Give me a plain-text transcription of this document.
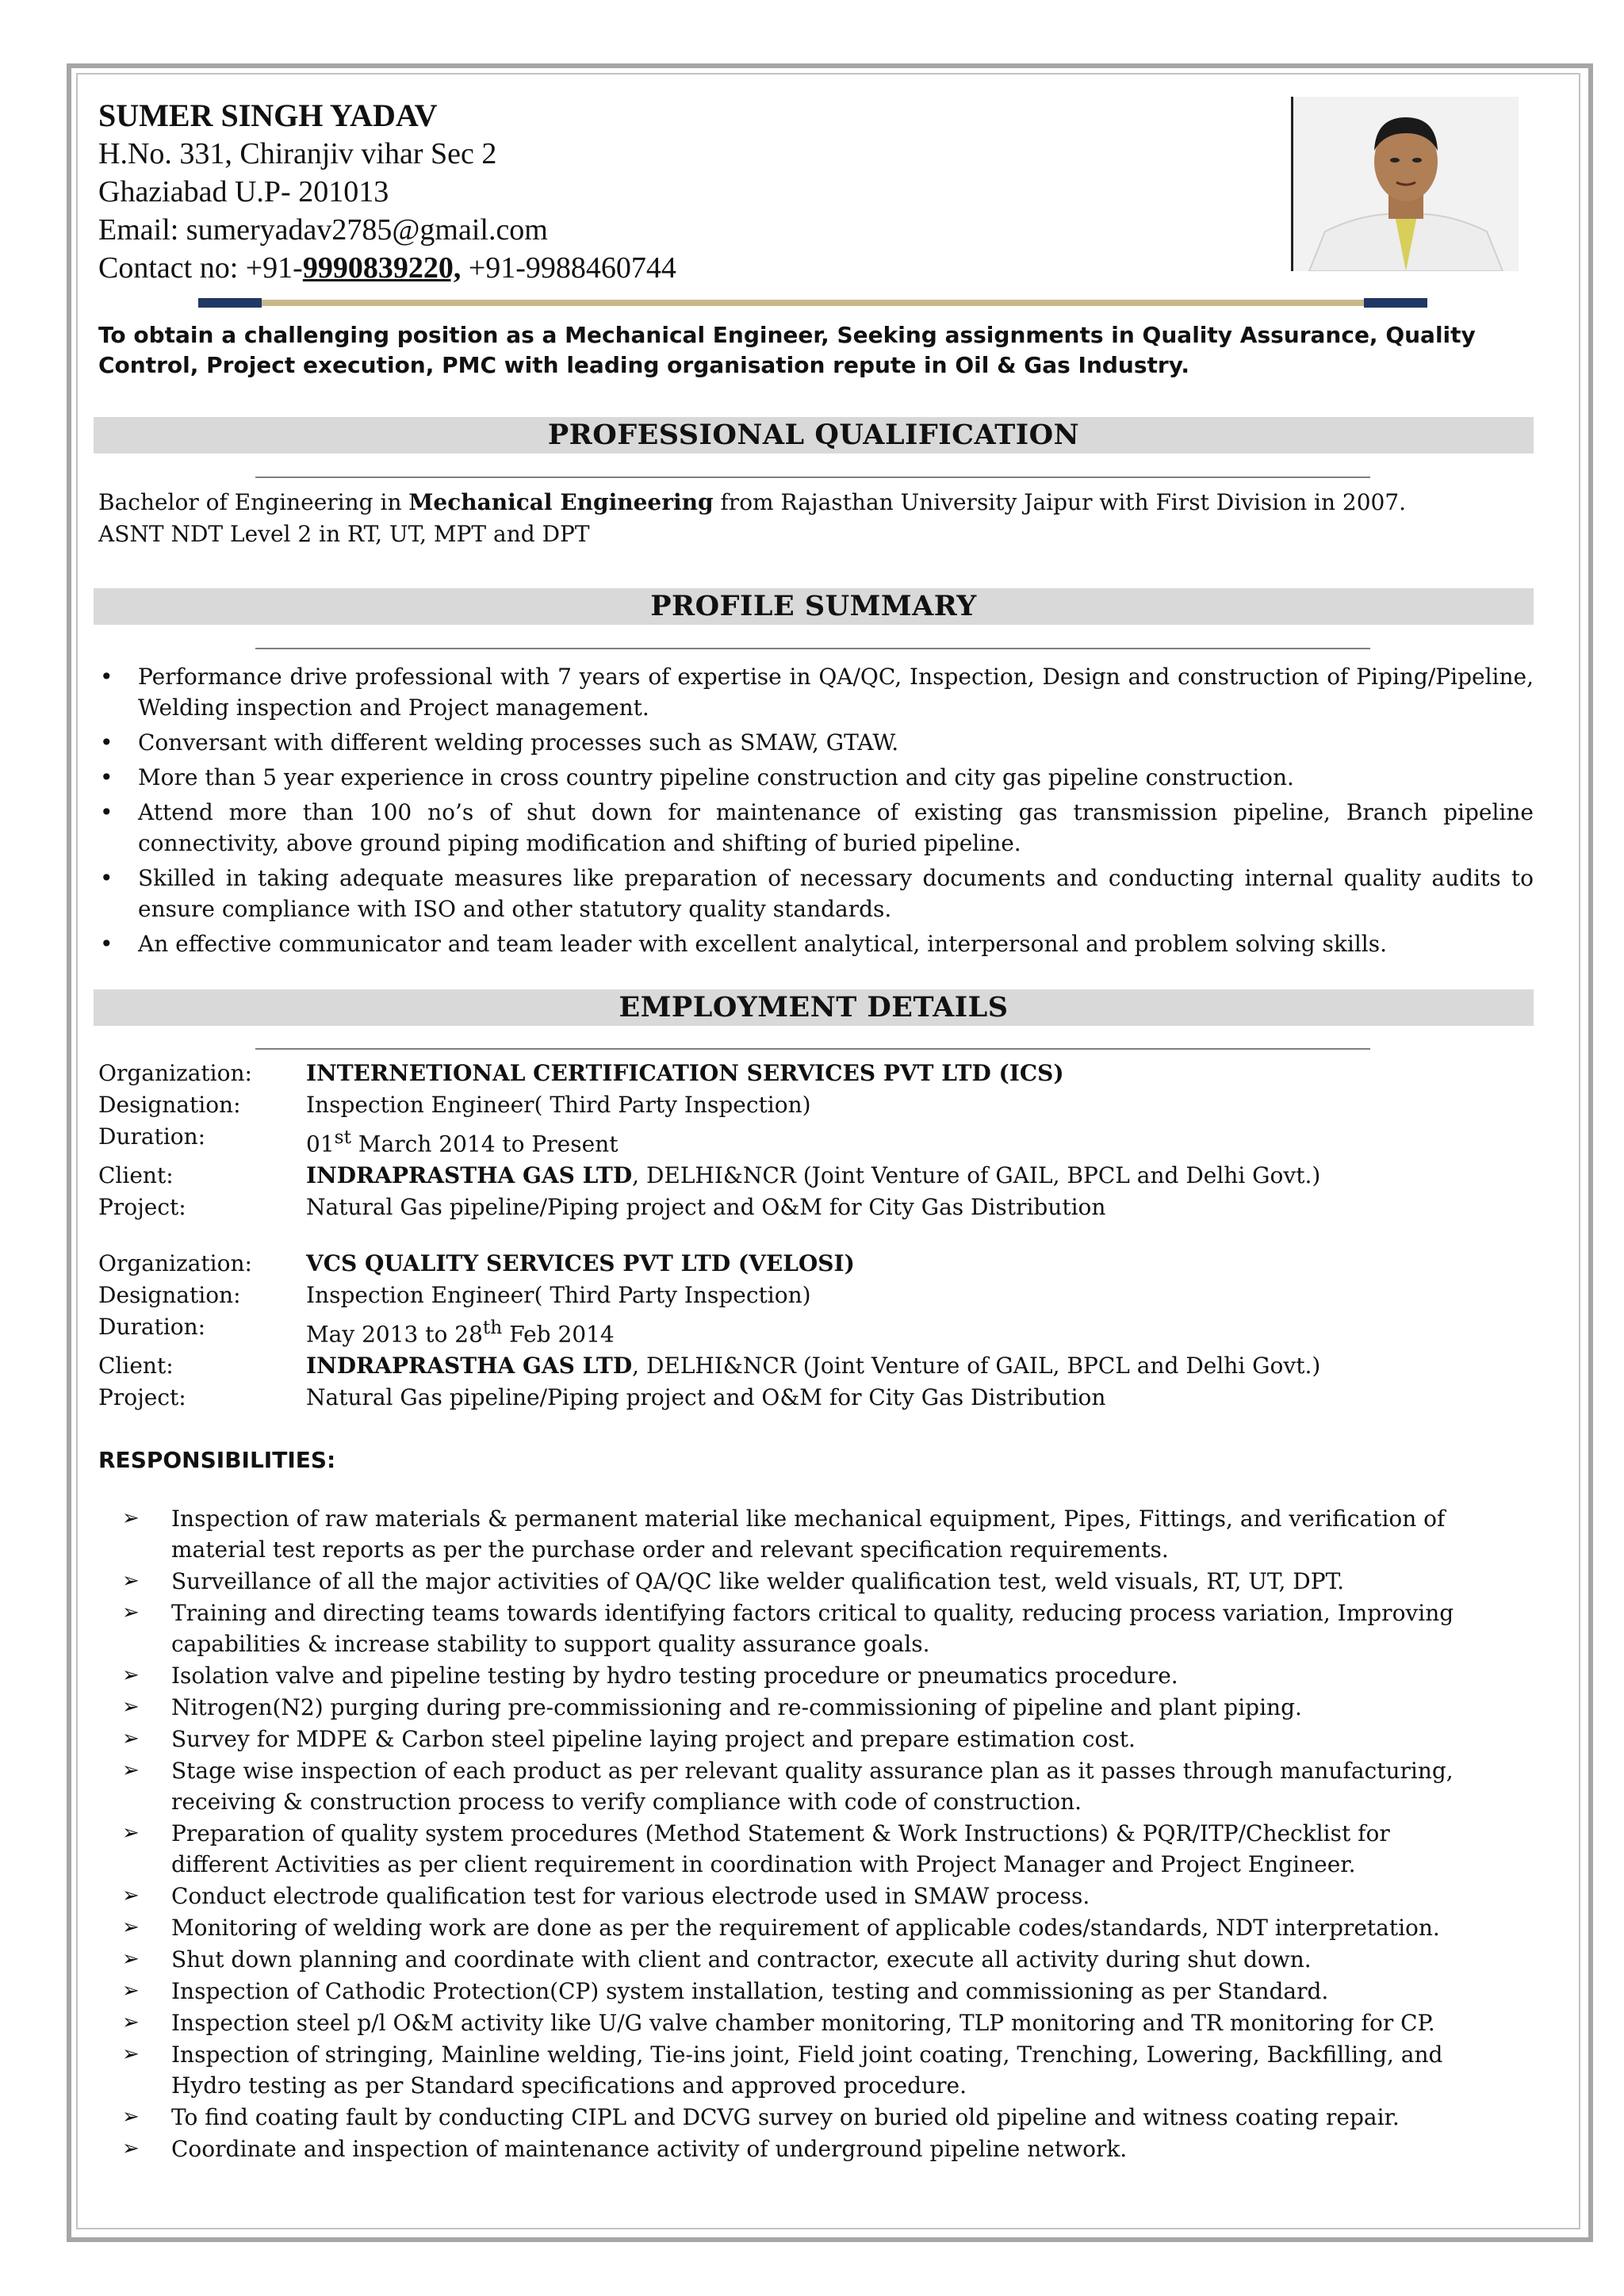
SUMER SINGH YADAV
H.No. 331, Chiranjiv vihar Sec 2
Ghaziabad U.P- 201013
Email: sumeryadav2785@gmail.com
Contact no: +91-9990839220, +91-9988460744
To obtain a challenging position as a Mechanical Engineer, Seeking assignments in Quality Assurance, Quality Control, Project execution, PMC with leading organisation repute in Oil & Gas Industry.
PROFESSIONAL QUALIFICATION
Bachelor of Engineering in Mechanical Engineering from Rajasthan University Jaipur with First Division in 2007.
ASNT NDT Level 2 in RT, UT, MPT and DPT
PROFILE SUMMARY
• Performance drive professional with 7 years of expertise in QA/QC, Inspection, Design and construction of Piping/Pipeline, Welding inspection and Project management.
• Conversant with different welding processes such as SMAW, GTAW.
• More than 5 year experience in cross country pipeline construction and city gas pipeline construction.
• Attend more than 100 no’s of shut down for maintenance of existing gas transmission pipeline, Branch pipeline connectivity, above ground piping modification and shifting of buried pipeline.
• Skilled in taking adequate measures like preparation of necessary documents and conducting internal quality audits to ensure compliance with ISO and other statutory quality standards.
• An effective communicator and team leader with excellent analytical, interpersonal and problem solving skills.
EMPLOYMENT DETAILS
Organization:	INTERNETIONAL CERTIFICATION SERVICES PVT LTD (ICS)
Designation:	Inspection Engineer( Third Party Inspection)
Duration:	01st March 2014 to Present
Client:	INDRAPRASTHA GAS LTD, DELHI&NCR (Joint Venture of GAIL, BPCL and Delhi Govt.)
Project:	Natural Gas pipeline/Piping project and O&M for City Gas Distribution
Organization:	VCS QUALITY SERVICES PVT LTD (VELOSI)
Designation:	Inspection Engineer( Third Party Inspection)
Duration:	May 2013 to 28th Feb 2014
Client:	INDRAPRASTHA GAS LTD, DELHI&NCR (Joint Venture of GAIL, BPCL and Delhi Govt.)
Project:	Natural Gas pipeline/Piping project and O&M for City Gas Distribution
RESPONSIBILITIES:
➢ Inspection of raw materials & permanent material like mechanical equipment, Pipes, Fittings, and verification of material test reports as per the purchase order and relevant specification requirements.
➢ Surveillance of all the major activities of QA/QC like welder qualification test, weld visuals, RT, UT, DPT.
➢ Training and directing teams towards identifying factors critical to quality, reducing process variation, Improving capabilities & increase stability to support quality assurance goals.
➢ Isolation valve and pipeline testing by hydro testing procedure or pneumatics procedure.
➢ Nitrogen(N2) purging during pre-commissioning and re-commissioning of pipeline and plant piping.
➢ Survey for MDPE & Carbon steel pipeline laying project and prepare estimation cost.
➢ Stage wise inspection of each product as per relevant quality assurance plan as it passes through manufacturing, receiving & construction process to verify compliance with code of construction.
➢ Preparation of quality system procedures (Method Statement & Work Instructions) & PQR/ITP/Checklist for different Activities as per client requirement in coordination with Project Manager and Project Engineer.
➢ Conduct electrode qualification test for various electrode used in SMAW process.
➢ Monitoring of welding work are done as per the requirement of applicable codes/standards, NDT interpretation.
➢ Shut down planning and coordinate with client and contractor, execute all activity during shut down.
➢ Inspection of Cathodic Protection(CP) system installation, testing and commissioning as per Standard.
➢ Inspection steel p/l O&M activity like U/G valve chamber monitoring, TLP monitoring and TR monitoring for CP.
➢ Inspection of stringing, Mainline welding, Tie-ins joint, Field joint coating, Trenching, Lowering, Backfilling, and Hydro testing as per Standard specifications and approved procedure.
➢ To find coating fault by conducting CIPL and DCVG survey on buried old pipeline and witness coating repair.
➢ Coordinate and inspection of maintenance activity of underground pipeline network.
